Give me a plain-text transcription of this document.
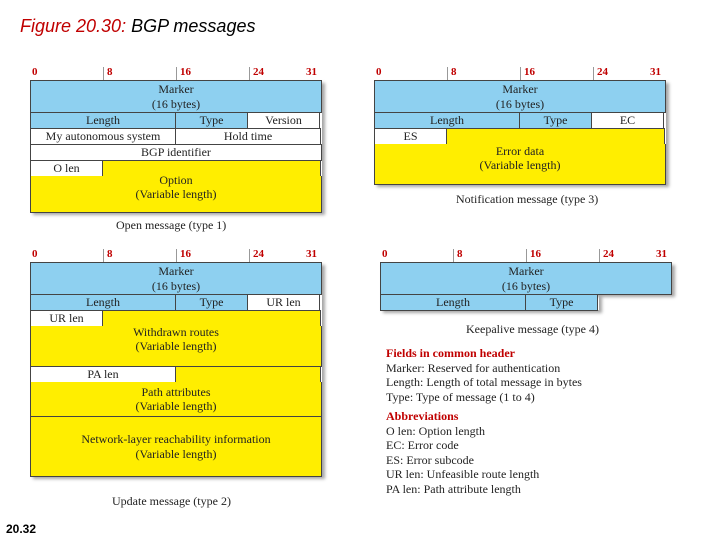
Figure 20.30: BGP messages
0	8	16	24	31
Marker
(16 bytes)
Length	Type	Version
My autonomous system	Hold time
BGP identifier
O len
Option
(Variable length)
Open message (type 1)
0	8	16	24	31
Marker
(16 bytes)
Length	Type	EC
ES
Error data
(Variable length)
Notification message (type 3)
0	8	16	24	31
Marker
(16 bytes)
Length	Type	UR len
UR len
Withdrawn routes
(Variable length)
PA len
Path attributes
(Variable length)
Network-layer reachability information
(Variable length)
Update message (type 2)
0	8	16	24	31
Marker
(16 bytes)
Length	Type
Keepalive message (type 4)
Fields in common header
Marker: Reserved for authentication
Length: Length of total message in bytes
Type: Type of message (1 to 4)
Abbreviations
O len: Option length
EC: Error code
ES: Error subcode
UR len: Unfeasible route length
PA len: Path attribute length
20.32
